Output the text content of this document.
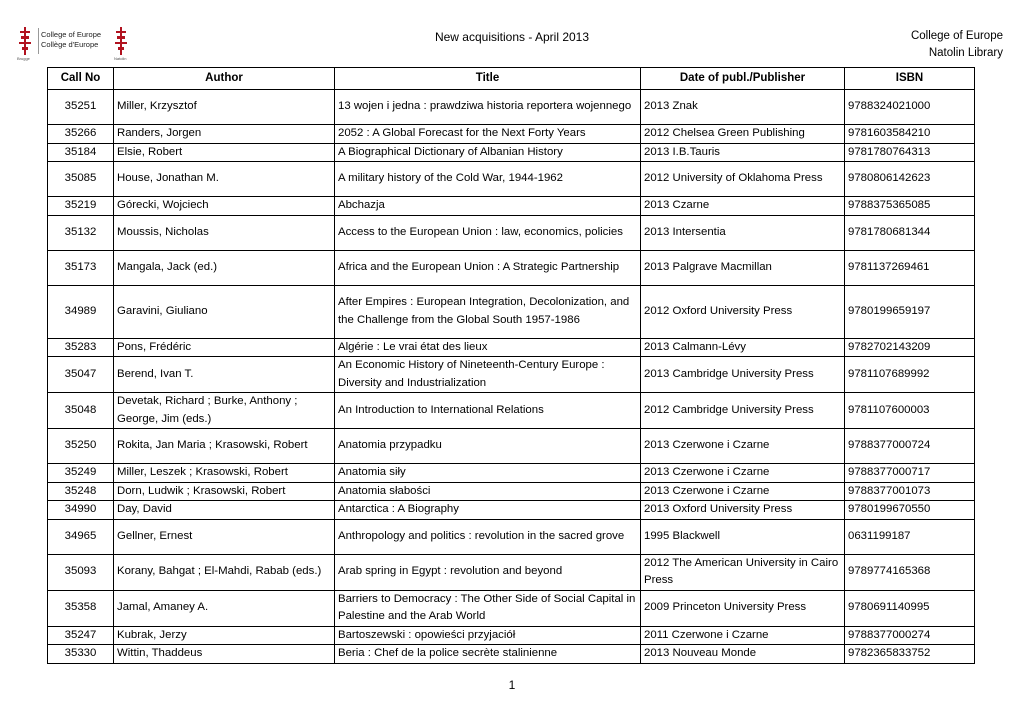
College of Europe
Collège d'Europe
Brugge	Natolin
New acquisitions - April 2013	College of Europe
Natolin Library
Call No	Author	Title	Date of publ./Publisher	ISBN
35251	Miller, Krzysztof	13 wojen i jedna : prawdziwa historia reportera wojennego	2013 Znak	9788324021000
35266	Randers, Jorgen	2052 : A Global Forecast for the Next Forty Years	2012 Chelsea Green Publishing	9781603584210
35184	Elsie, Robert	A Biographical Dictionary of Albanian History	2013 I.B.Tauris	9781780764313
35085	House, Jonathan M.	A military history of the Cold War, 1944-1962	2012 University of Oklahoma Press	9780806142623
35219	Górecki, Wojciech	Abchazja	2013 Czarne	9788375365085
35132	Moussis, Nicholas	Access to the European Union : law, economics, policies	2013 Intersentia	9781780681344
35173	Mangala, Jack (ed.)	Africa and the European Union : A Strategic Partnership	2013 Palgrave Macmillan	9781137269461
34989	Garavini, Giuliano	After Empires : European Integration, Decolonization, and the Challenge from the Global South 1957-1986	2012 Oxford University Press	9780199659197
35283	Pons, Frédéric	Algérie : Le vrai état des lieux	2013 Calmann-Lévy	9782702143209
35047	Berend, Ivan T.	An Economic History of Nineteenth-Century Europe : Diversity and Industrialization	2013 Cambridge University Press	9781107689992
35048	Devetak, Richard ; Burke, Anthony ; George, Jim (eds.)	An Introduction to International Relations	2012 Cambridge University Press	9781107600003
35250	Rokita, Jan Maria ; Krasowski, Robert	Anatomia przypadku	2013 Czerwone i Czarne	9788377000724
35249	Miller, Leszek ; Krasowski, Robert	Anatomia siły	2013 Czerwone i Czarne	9788377000717
35248	Dorn, Ludwik ; Krasowski, Robert	Anatomia słabości	2013 Czerwone i Czarne	9788377001073
34990	Day, David	Antarctica : A Biography	2013 Oxford University Press	9780199670550
34965	Gellner, Ernest	Anthropology and politics : revolution in the sacred grove	1995 Blackwell	0631199187
35093	Korany, Bahgat ; El-Mahdi, Rabab (eds.)	Arab spring in Egypt : revolution and beyond	2012 The American University in Cairo Press	9789774165368
35358	Jamal, Amaney A.	Barriers to Democracy : The Other Side of Social Capital in Palestine and the Arab World	2009 Princeton University Press	9780691140995
35247	Kubrak, Jerzy	Bartoszewski : opowieści przyjaciół	2011 Czerwone i Czarne	9788377000274
35330	Wittin, Thaddeus	Beria : Chef de la police secrète stalinienne	2013 Nouveau Monde	9782365833752
1
